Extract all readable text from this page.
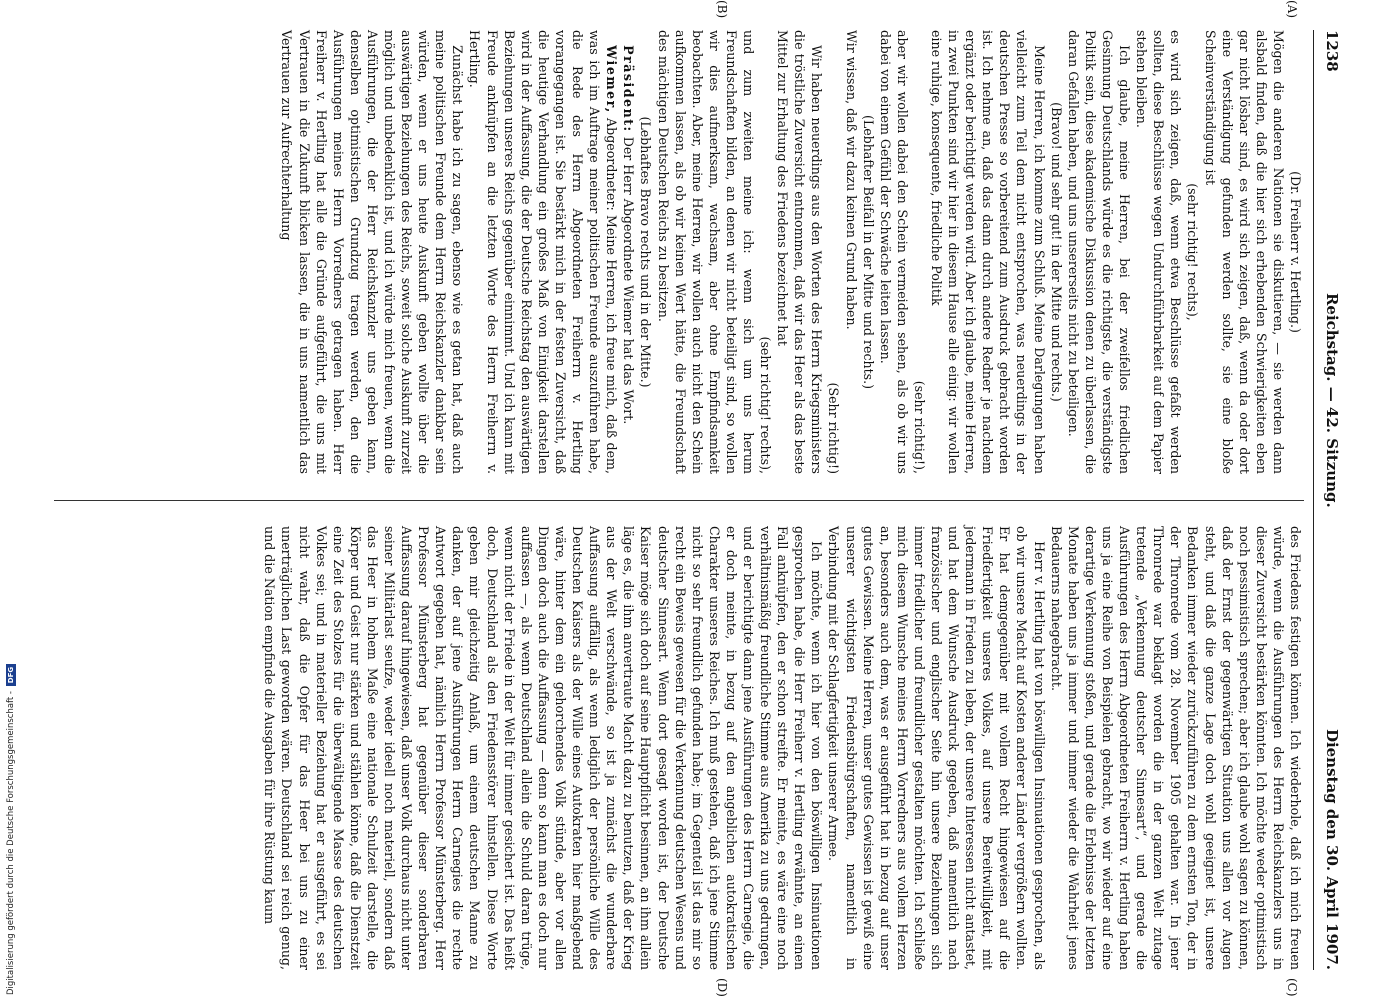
1238
Reichstag. — 42. Sitzung.
Dienstag den 30. April 1907.
(A)
(B)
(C)
(D)

(Dr. Freiherr v. Hertling.)

Mögen die anderen Nationen sie diskutieren, — sie werden dann alsbald finden, daß die hier sich erhebenden Schwierigkeiten eben gar nicht lösbar sind, es wird sich zeigen, daß, wenn da oder dort eine Verständigung gefunden werden sollte, sie eine bloße Scheinverständigung ist

(sehr richtig! rechts),

es wird sich zeigen, daß, wenn etwa Beschlüsse gefaßt werden sollten, diese Beschlüsse wegen Undurchführbarkeit auf dem Papier stehen bleiben.

Ich glaube, meine Herren, bei der zweifellos friedlichen Gesinnung Deutschlands würde es die richtigste, die verständigste Politik sein, diese akademische Diskussion denen zu überlassen, die daran Gefallen haben, und uns unsererseits nicht zu beteiligen.

(Bravo! und sehr gut! in der Mitte und rechts.)

Meine Herren, ich komme zum Schluß. Meine Darlegungen haben vielleicht zum Teil dem nicht entsprochen, was neuerdings in der deutschen Presse so vorbereitend zum Ausdruck gebracht worden ist. Ich nehme an, daß das dann durch andere Redner je nachdem ergänzt oder berichtigt werden wird. Aber ich glaube, meine Herren, in zwei Punkten sind wir hier in diesem Hause alle einig: wir wollen eine ruhige, konsequente, friedliche Politik

(sehr richtig!),

aber wir wollen dabei den Schein vermeiden sehen, als ob wir uns dabei von einem Gefühl der Schwäche leiten lassen.

(Lebhafter Beifall in der Mitte und rechts.)

Wir wissen, daß wir dazu keinen Grund haben.

(Sehr richtig!)

Wir haben neuerdings aus den Worten des Herrn Kriegsministers die tröstliche Zuversicht entnommen, daß wir das Heer als das beste Mittel zur Erhaltung des Friedens bezeichnet hat

(sehr richtig! rechts),

und zum zweiten meine ich: wenn sich um uns herum Freundschaften bilden, an denen wir nicht beteiligt sind, so wollen wir dies aufmerksam, wachsam, aber ohne Empfindsamkeit beobachten. Aber, meine Herren, wir wollen auch nicht den Schein aufkommen lassen, als ob wir keinen Wert hätte, die Freundschaft des mächtigen Deutschen Reichs zu besitzen.

(Lebhaftes Bravo rechts und in der Mitte.)

Präsident: Der Herr Abgeordnete Wiemer hat das Wort.

Wiemer, Abgeordneter: Meine Herren, ich freue mich, daß dem, was ich im Auftrage meiner politischen Freunde auszuführen habe, die Rede des Herrn Abgeordneten Freiherrn v. Hertling vorangegangen ist. Sie bestärkt mich in der festen Zuversicht, daß die heutige Verhandlung ein großes Maß von Einigkeit darstellen wird in der Auffassung, die der Deutsche Reichstag den auswärtigen Beziehungen unseres Reichs gegenüber einnimmt. Und ich kann mit Freude anknüpfen an die letzten Worte des Herrn Freiherrn v. Hertling.

Zunächst habe ich zu sagen, ebenso wie es getan hat, daß auch meine politischen Freunde dem Herrn Reichskanzler dankbar sein würden, wenn er uns heute Auskunft geben wollte über die auswärtigen Beziehungen des Reichs, soweit solche Auskunft zurzeit möglich und unbedenklich ist, und ich würde mich freuen, wenn die Ausführungen, die der Herr Reichskanzler uns geben kann, denselben optimistischen Grundzug tragen werden, den die Ausführungen meines Herrn Vorredners getragen haben. Herr Freiherr v. Hertling hat alle die Gründe aufgeführt, die uns mit Vertrauen in die Zukunft blicken lassen, die in uns namentlich das Vertrauen zur Aufrechterhaltung

des Friedens festigen können. Ich wiederhole, daß ich mich freuen würde, wenn die Ausführungen des Herrn Reichskanzlers uns in dieser Zuversicht bestärken könnten. Ich möchte weder optimistisch noch pessimistisch sprechen; aber ich glaube wohl sagen zu können, daß der Ernst der gegenwärtigen Situation uns allen vor Augen steht, und daß die ganze Lage doch wohl geeignet ist, unsere Bedanken immer wieder zurückzuführen zu dem ernsten Ton, der in der Thronrede vom 28. November 1905 gehalten war. In jener Thronrede war beklagt worden die in der ganzen Welt zutage tretende „Verkennung deutscher Sinnesart“, und gerade die Ausführungen des Herrn Abgeordneten Freiherrn v. Hertling haben uns ja eine Reihe von Beispielen gebracht, wo wir wieder auf eine derartige Verkennung stoßen, und gerade die Erlebnisse der letzten Monate haben uns ja immer und immer wieder die Wahrheit jenes Bedauerns nahegebracht.

Herr v. Hertling hat von böswilligen Insinuationen gesprochen, als ob wir unsere Macht auf Kosten anderer Länder vergrößern wollten. Er hat demgegenüber mit vollem Recht hingewiesen auf die Friedfertigkeit unseres Volkes, auf unsere Bereitwilligkeit, mit jedermann in Frieden zu leben, der unsere Interessen nicht antastet, und hat dem Wunsche Ausdruck gegeben, daß namentlich nach französischer und englischer Seite hin unsere Beziehungen sich immer friedlicher und freundlicher gestalten möchten. Ich schließe mich diesem Wunsche meines Herrn Vorredners aus vollem Herzen an, besonders auch dem, was er ausgeführt hat in bezug auf unser gutes Gewissen. Meine Herren, unser gutes Gewissen ist gewiß eine unserer wichtigsten Friedensbürgschaften, namentlich in Verbindung mit der Schlagfertigkeit unserer Armee.

Ich möchte, wenn ich hier von den böswilligen Insinuationen gesprochen habe, die Herr Freiherr v. Hertling erwähnte, an einen Fall anknüpfen, den er schon streifte. Er meinte, es wäre eine noch verhältnismäßig freundliche Stimme aus Amerika zu uns gedrungen, und er berichtigte dann jene Ausführungen des Herrn Carnegie, die er doch meinte, in bezug auf den angeblichen autokratischen Charakter unseres Reiches. Ich muß gestehen, daß ich jene Stimme nicht so sehr freundlich gefunden habe; im Gegenteil ist das mir so recht ein Beweis gewesen für die Verkennung deutschen Wesens und deutscher Sinnesart. Wenn dort gesagt worden ist, der Deutsche Kaiser möge sich doch auf seine Hauptpflicht besinnen, an ihm allein läge es, die ihm anvertraute Macht dazu zu benutzen, daß der Krieg aus der Welt verschwände, so ist ja zunächst die wunderbare Auffassung auffällig, als wenn lediglich der persönliche Wille des Deutschen Kaisers als der Wille eines Autokraten hier maßgebend wäre, hinter dem ein gehorchendes Volk stünde, aber vor allen Dingen doch auch die Auffassung — denn so kann man es doch nur auffassen —, als wenn Deutschland allein die Schuld daran trüge, wenn nicht der Friede in der Welt für immer gesichert ist. Das heißt doch, Deutschland als den Friedensstörer hinstellen. Diese Worte geben mir gleichzeitig Anlaß, um einem deutschen Manne zu danken, der auf jene Ausführungen Herrn Carnegies die rechte Antwort gegeben hat, nämlich Herrn Professor Münsterberg. Herr Professor Münsterberg hat gegenüber dieser sonderbaren Auffassung darauf hingewiesen, daß unser Volk durchaus nicht unter seiner Militärlast seufze, weder ideell noch materiell, sondern daß das Heer in hohem Maße eine nationale Schulzeit darstelle, die Körper und Geist nur stärken und stählen könne, daß die Dienstzeit eine Zeit des Stolzes für die überwältigende Masse des deutschen Volkes sei; und in materieller Beziehung hat er ausgeführt, es sei nicht wahr, daß die Opfer für das Heer bei uns zu einer unerträglichen Last geworden wären. Deutschland sei reich genug, und die Nation empfinde die Ausgaben für ihre Rüstung kaum

Digitalisierung gefördert durch die Deutsche Forschungsgemeinschaft -
DFG
